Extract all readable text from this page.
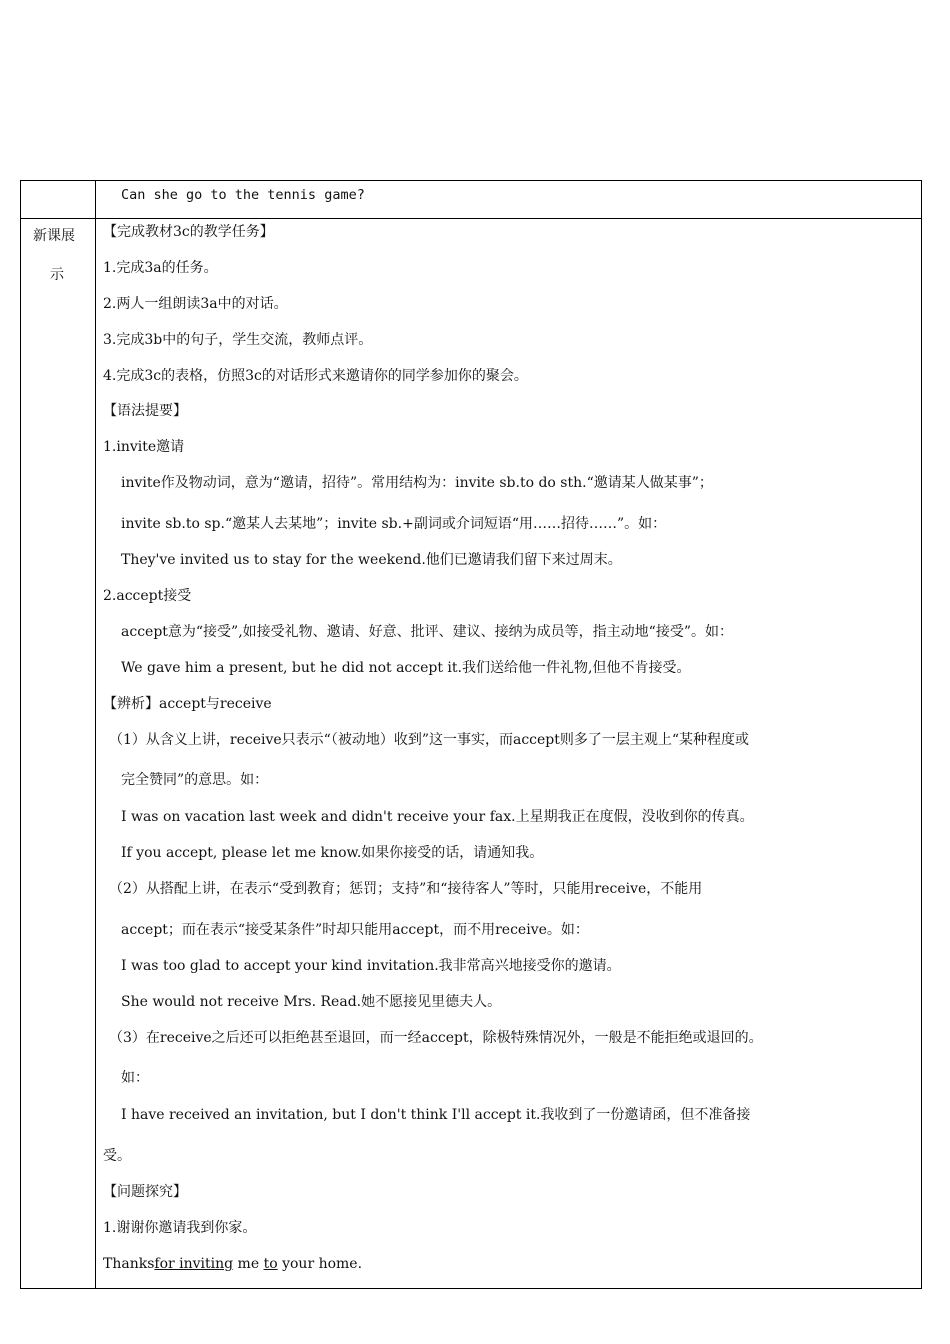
Can she go to the tennis game?
新课展
示
【完成教材3c的教学任务】
1.完成3a的任务。
2.两人一组朗读3a中的对话。
3.完成3b中的句子，学生交流，教师点评。
4.完成3c的表格，仿照3c的对话形式来邀请你的同学参加你的聚会。
【语法提要】
1.invite邀请
invite作及物动词，意为“邀请，招待”。常用结构为：invite sb.to do sth.“邀请某人做某事”；
invite sb.to sp.“邀某人去某地”；invite sb.+副词或介词短语“用……招待……”。如：
They've invited us to stay for the weekend.他们已邀请我们留下来过周末。
2.accept接受
accept意为“接受”,如接受礼物、邀请、好意、批评、建议、接纳为成员等，指主动地“接受”。如：
We gave him a present, but he did not accept it.我们送给他一件礼物,但他不肯接受。
【辨析】accept与receive
（1）从含义上讲，receive只表示“（被动地）收到”这一事实，而accept则多了一层主观上“某种程度或
完全赞同”的意思。如：
I was on vacation last week and didn't receive your fax.上星期我正在度假，没收到你的传真。
If you accept, please let me know.如果你接受的话，请通知我。
（2）从搭配上讲，在表示“受到教育；惩罚；支持”和“接待客人”等时，只能用receive，不能用
accept；而在表示“接受某条件”时却只能用accept，而不用receive。如：
I was too glad to accept your kind invitation.我非常高兴地接受你的邀请。
She would not receive Mrs. Read.她不愿接见里德夫人。
（3）在receive之后还可以拒绝甚至退回，而一经accept，除极特殊情况外，一般是不能拒绝或退回的。
如：
I have received an invitation, but I don't think I'll accept it.我收到了一份邀请函，但不准备接
受。
【问题探究】
1.谢谢你邀请我到你家。
Thanksfor inviting me to your home.
